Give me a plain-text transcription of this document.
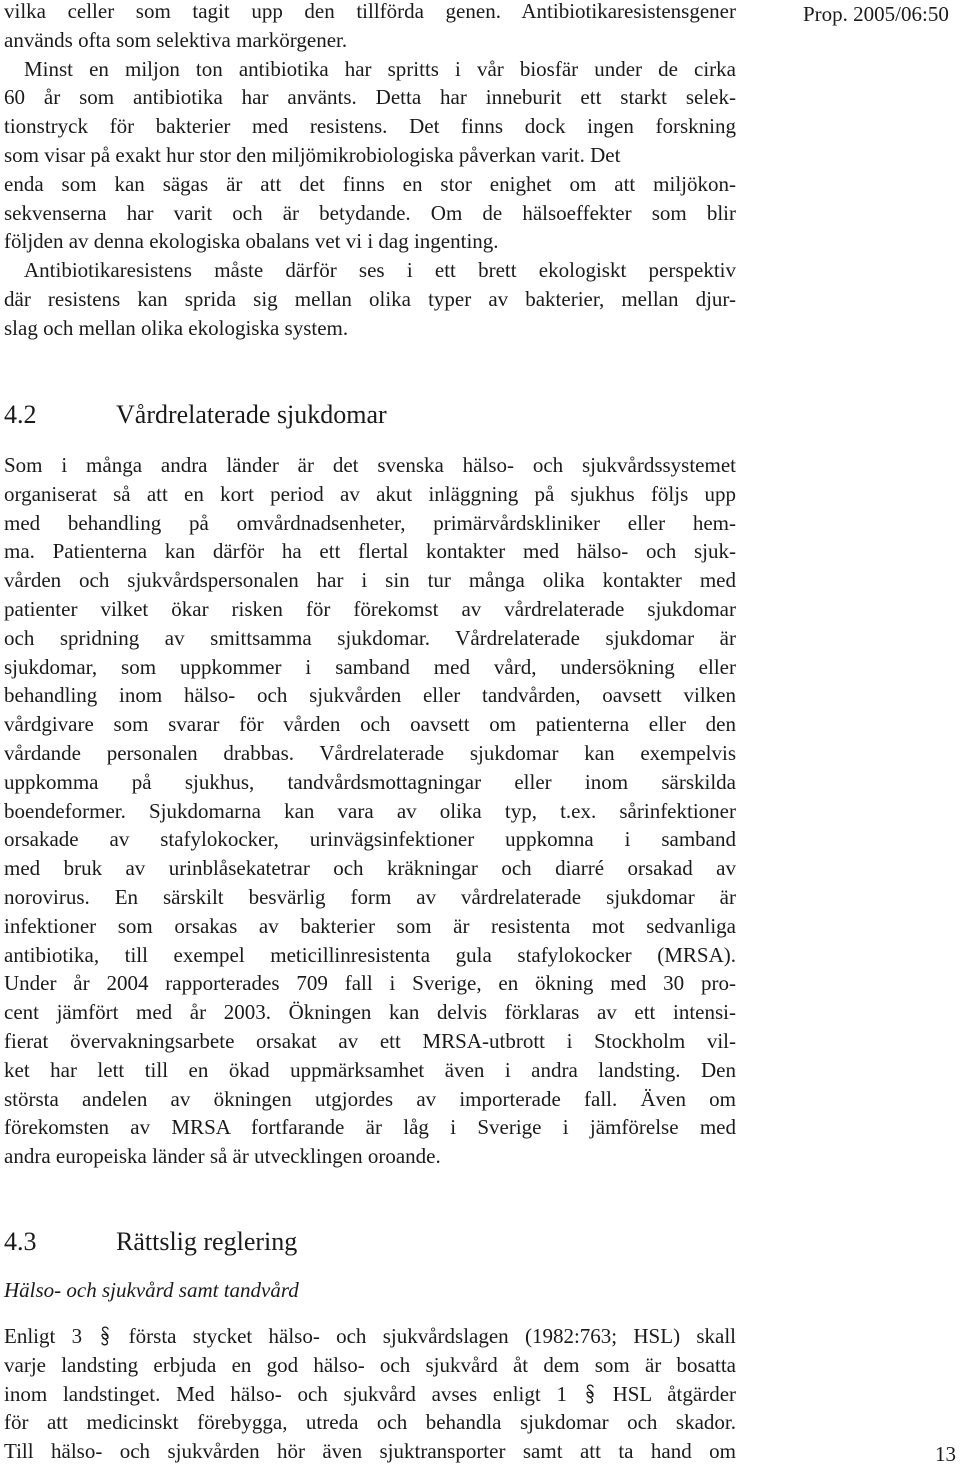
Prop. 2005/06:50
vilka celler som tagit upp den tillförda genen. Antibiotikaresistensgener
används ofta som selektiva markörgener.
Minst en miljon ton antibiotika har spritts i vår biosfär under de cirka
60 år som antibiotika har använts. Detta har inneburit ett starkt selek-
tionstryck för bakterier med resistens. Det finns dock ingen forskning
som visar på exakt hur stor den miljömikrobiologiska påverkan varit. Det
enda som kan sägas är att det finns en stor enighet om att miljökon-
sekvenserna har varit och är betydande. Om de hälsoeffekter som blir
följden av denna ekologiska obalans vet vi i dag ingenting.
Antibiotikaresistens måste därför ses i ett brett ekologiskt perspektiv
där resistens kan sprida sig mellan olika typer av bakterier, mellan djur-
slag och mellan olika ekologiska system.
4.2	Vårdrelaterade sjukdomar
Som i många andra länder är det svenska hälso- och sjukvårdssystemet
organiserat så att en kort period av akut inläggning på sjukhus följs upp
med behandling på omvårdnadsenheter, primärvårdskliniker eller hem-
ma. Patienterna kan därför ha ett flertal kontakter med hälso- och sjuk-
vården och sjukvårdspersonalen har i sin tur många olika kontakter med
patienter vilket ökar risken för förekomst av vårdrelaterade sjukdomar
och spridning av smittsamma sjukdomar. Vårdrelaterade sjukdomar är
sjukdomar, som uppkommer i samband med vård, undersökning eller
behandling inom hälso- och sjukvården eller tandvården, oavsett vilken
vårdgivare som svarar för vården och oavsett om patienterna eller den
vårdande personalen drabbas. Vårdrelaterade sjukdomar kan exempelvis
uppkomma på sjukhus, tandvårdsmottagningar eller inom särskilda
boendeformer. Sjukdomarna kan vara av olika typ, t.ex. sårinfektioner
orsakade av stafylokocker, urinvägsinfektioner uppkomna i samband
med bruk av urinblåsekatetrar och kräkningar och diarré orsakad av
norovirus. En särskilt besvärlig form av vårdrelaterade sjukdomar är
infektioner som orsakas av bakterier som är resistenta mot sedvanliga
antibiotika, till exempel meticillinresistenta gula stafylokocker (MRSA).
Under år 2004 rapporterades 709 fall i Sverige, en ökning med 30 pro-
cent jämfört med år 2003. Ökningen kan delvis förklaras av ett intensi-
fierat övervakningsarbete orsakat av ett MRSA-utbrott i Stockholm vil-
ket har lett till en ökad uppmärksamhet även i andra landsting. Den
största andelen av ökningen utgjordes av importerade fall. Även om
förekomsten av MRSA fortfarande är låg i Sverige i jämförelse med
andra europeiska länder så är utvecklingen oroande.
4.3	Rättslig reglering
Hälso- och sjukvård samt tandvård
Enligt 3 första stycket hälso- och sjukvårdslagen (1982:763; HSL) skall
varje landsting erbjuda en god hälso- och sjukvård åt dem som är bosatta
inom landstinget. Med hälso- och sjukvård avses enligt 1 HSL åtgärder
för att medicinskt förebygga, utreda och behandla sjukdomar och skador.
Till hälso- och sjukvården hör även sjuktransporter samt att ta hand om	13
